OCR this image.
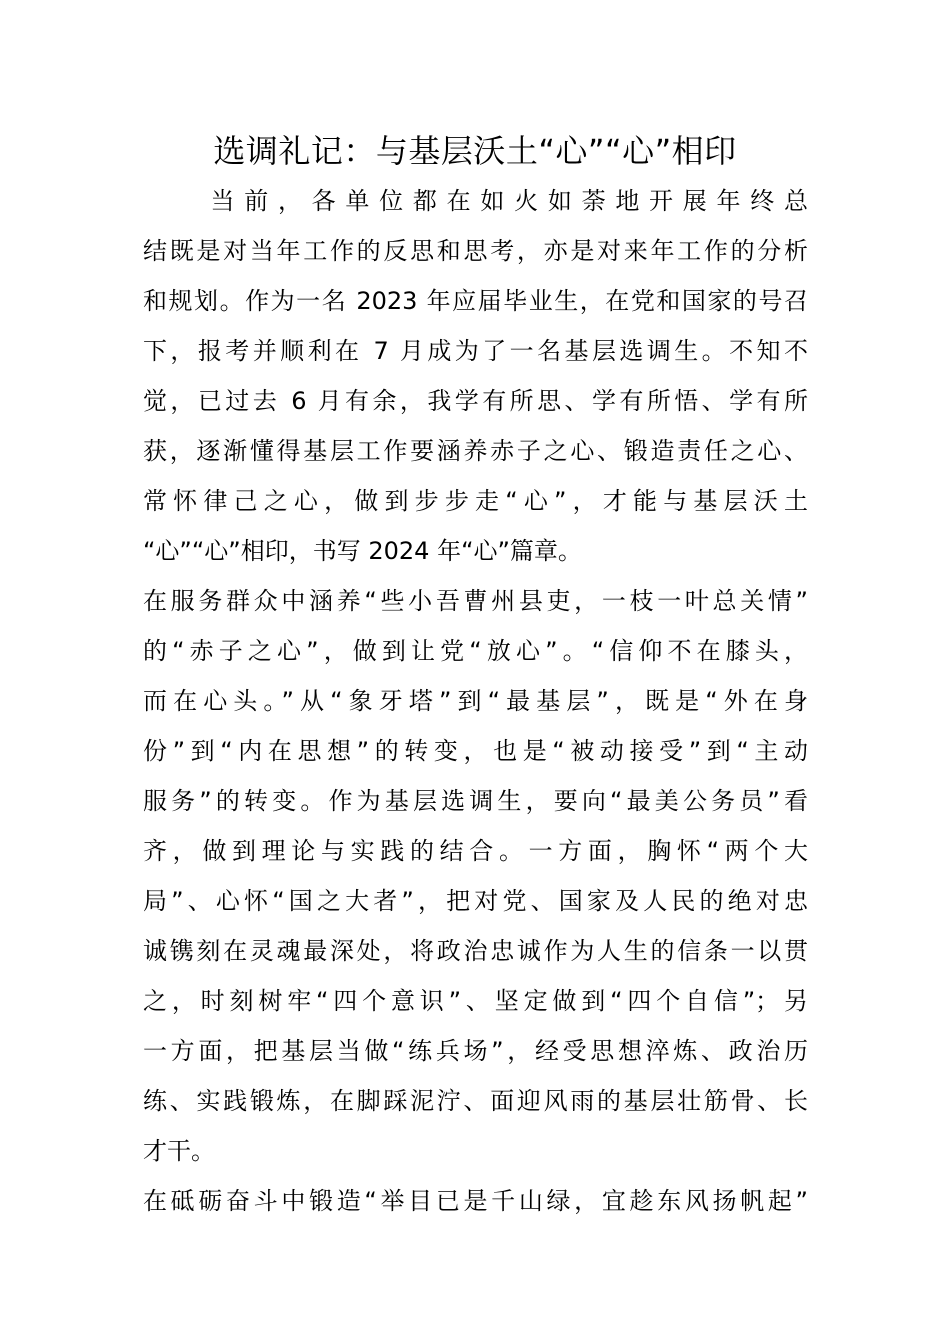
选调礼记：与基层沃土“心”“心”相印
　　当前，各单位都在如火如荼地开展年终总
结既是对当年工作的反思和思考，亦是对来年工作的分析
和规划。作为一名 2023 年应届毕业生，在党和国家的号召
下，报考并顺利在 7 月成为了一名基层选调生。不知不
觉，已过去 6 月有余，我学有所思、学有所悟、学有所
获，逐渐懂得基层工作要涵养赤子之心、锻造责任之心、
常怀律己之心，做到步步走“心”，才能与基层沃土
“心”“心”相印，书写 2024 年“心”篇章。
在服务群众中涵养“些小吾曹州县吏，一枝一叶总关情”
的“赤子之心”，做到让党“放心”。“信仰不在膝头，
而在心头。”从“象牙塔”到“最基层”，既是“外在身
份”到“内在思想”的转变，也是“被动接受”到“主动
服务”的转变。作为基层选调生，要向“最美公务员”看
齐，做到理论与实践的结合。一方面，胸怀“两个大
局”、心怀“国之大者”，把对党、国家及人民的绝对忠
诚镌刻在灵魂最深处，将政治忠诚作为人生的信条一以贯
之，时刻树牢“四个意识”、坚定做到“四个自信”；另
一方面，把基层当做“练兵场”，经受思想淬炼、政治历
练、实践锻炼，在脚踩泥泞、面迎风雨的基层壮筋骨、长
才干。
在砥砺奋斗中锻造“举目已是千山绿，宜趁东风扬帆起”
